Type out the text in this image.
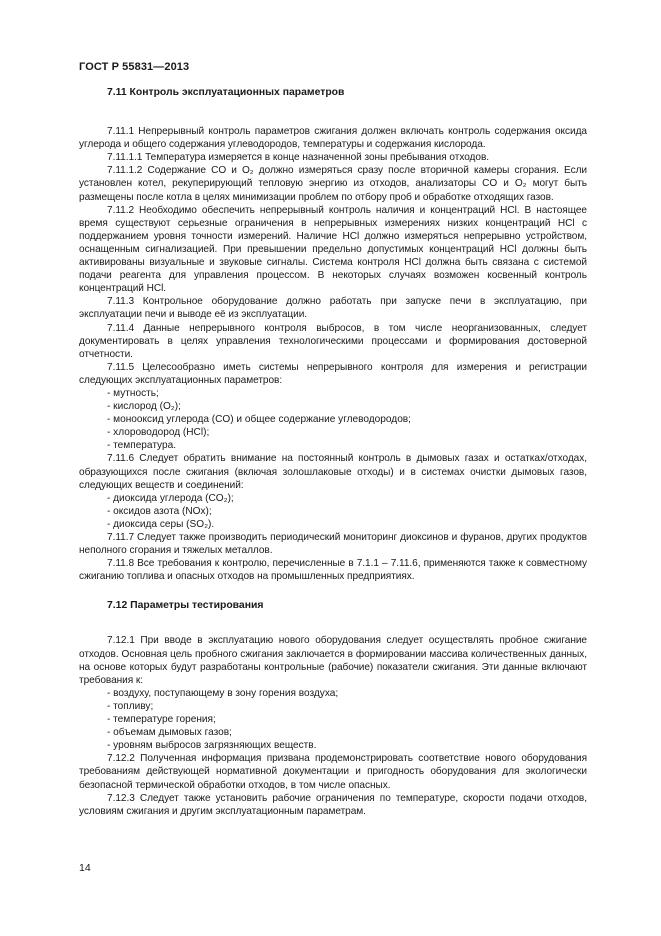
ГОСТ Р 55831—2013

7.11 Контроль эксплуатационных параметров

7.11.1 Непрерывный контроль параметров сжигания должен включать контроль содержания оксида углерода и общего содержания углеводородов, температуры и содержания кислорода.

7.11.1.1 Температура измеряется в конце назначенной зоны пребывания отходов.

7.11.1.2 Содержание CO и O₂ должно измеряться сразу после вторичной камеры сгорания. Если установлен котел, рекуперирующий тепловую энергию из отходов, анализаторы CO и O₂ могут быть размещены после котла в целях минимизации проблем по отбору проб и обработке отходящих газов.

7.11.2 Необходимо обеспечить непрерывный контроль наличия и концентраций HCl. В настоящее время существуют серьезные ограничения в непрерывных измерениях низких концентраций HCl с поддержанием уровня точности измерений. Наличие HCl должно измеряться непрерывно устройством, оснащенным сигнализацией. При превышении предельно допустимых концентраций HCl должны быть активированы визуальные и звуковые сигналы. Система контроля HCl должна быть связана с системой подачи реагента для управления процессом. В некоторых случаях возможен косвенный контроль концентраций HCl.

7.11.3 Контрольное оборудование должно работать при запуске печи в эксплуатацию, при эксплуатации печи и выводе её из эксплуатации.

7.11.4 Данные непрерывного контроля выбросов, в том числе неорганизованных, следует документировать в целях управления технологическими процессами и формирования достоверной отчетности.

7.11.5 Целесообразно иметь системы непрерывного контроля для измерения и регистрации следующих эксплуатационных параметров:

- мутность;

- кислород (O₂);

- монооксид углерода (CO) и общее содержание углеводородов;

- хлороводород (HCl);

- температура.

7.11.6 Следует обратить внимание на постоянный контроль в дымовых газах и остатках/отходах, образующихся после сжигания (включая золошлаковые отходы) и в системах очистки дымовых газов, следующих веществ и соединений:

- диоксида углерода (CO₂);

- оксидов азота (NOx);

- диоксида серы (SO₂).

7.11.7 Следует также производить периодический мониторинг диоксинов и фуранов, других продуктов неполного сгорания и тяжелых металлов.

7.11.8 Все требования к контролю, перечисленные в 7.1.1 – 7.11.6, применяются также к совместному сжиганию топлива и опасных отходов на промышленных предприятиях.

7.12 Параметры тестирования

7.12.1 При вводе в эксплуатацию нового оборудования следует осуществлять пробное сжигание отходов. Основная цель пробного сжигания заключается в формировании массива количественных данных, на основе которых будут разработаны контрольные (рабочие) показатели сжигания. Эти данные включают требования к:

- воздуху, поступающему в зону горения воздуха;

- топливу;

- температуре горения;

- объемам дымовых газов;

- уровням выбросов загрязняющих веществ.

7.12.2 Полученная информация призвана продемонстрировать соответствие нового оборудования требованиям действующей нормативной документации и пригодность оборудования для экологически безопасной термической обработки отходов, в том числе опасных.

7.12.3 Следует также установить рабочие ограничения по температуре, скорости подачи отходов, условиям сжигания и другим эксплуатационным параметрам.

14
